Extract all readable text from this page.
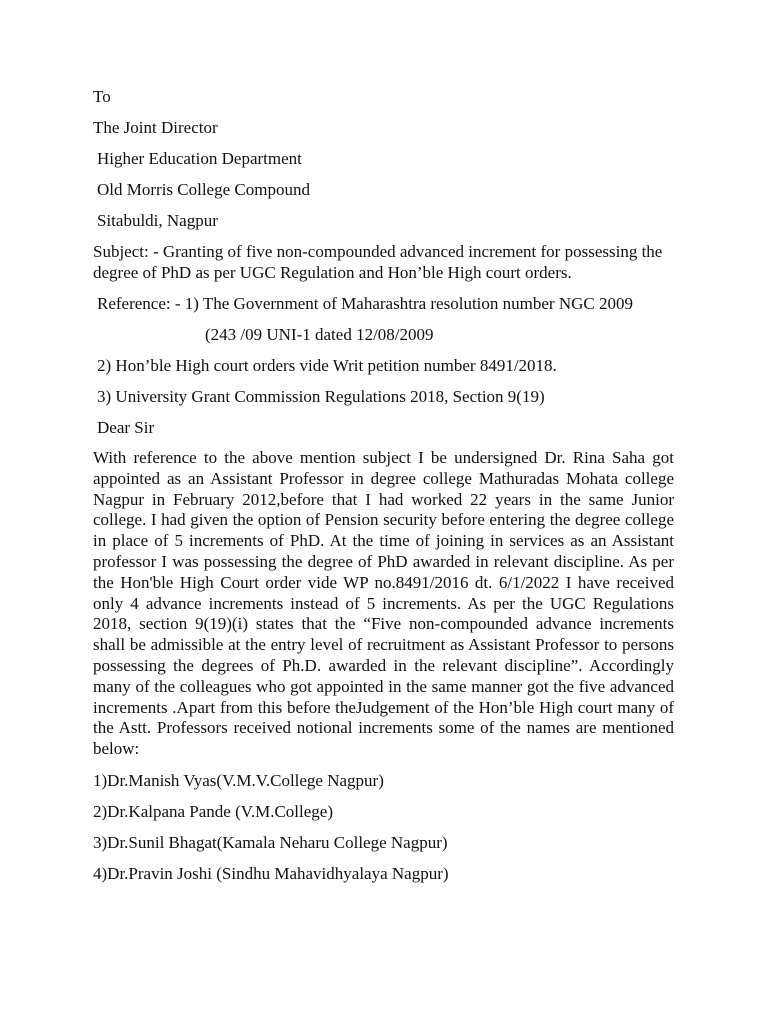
To
The Joint Director
Higher Education Department
Old Morris College Compound
Sitabuldi, Nagpur
Subject: - Granting of five non-compounded advanced increment for possessing the degree of PhD as per UGC Regulation and Hon’ble High court orders.
Reference: - 1) The Government of Maharashtra resolution number NGC 2009
(243 /09 UNI-1 dated 12/08/2009
2) Hon’ble High court orders vide Writ petition number 8491/2018.
3) University Grant Commission Regulations 2018, Section 9(19)
Dear Sir
With reference to the above mention subject I be undersigned Dr. Rina Saha got appointed as an Assistant Professor in degree college Mathuradas Mohata college Nagpur in February 2012,before that I had worked 22 years in the same Junior college. I had given the option of Pension security before entering the degree college in place of 5 increments of PhD. At the time of joining in services as an Assistant professor I was possessing the degree of PhD awarded in relevant discipline. As per the Hon'ble High Court order vide WP no.8491/2016 dt. 6/1/2022 I have received only 4 advance increments instead of 5 increments. As per the UGC Regulations 2018, section 9(19)(i) states that the “Five non-compounded advance increments shall be admissible at the entry level of recruitment as Assistant Professor to persons possessing the degrees of Ph.D. awarded in the relevant discipline”. Accordingly many of the colleagues who got appointed in the same manner got the five advanced increments .Apart from this before theJudgement of the Hon’ble High court many of the Astt. Professors received notional increments some of the names are mentioned below:
1)Dr.Manish Vyas(V.M.V.College Nagpur)
2)Dr.Kalpana Pande (V.M.College)
3)Dr.Sunil Bhagat(Kamala Neharu College Nagpur)
4)Dr.Pravin Joshi (Sindhu Mahavidhyalaya Nagpur)
